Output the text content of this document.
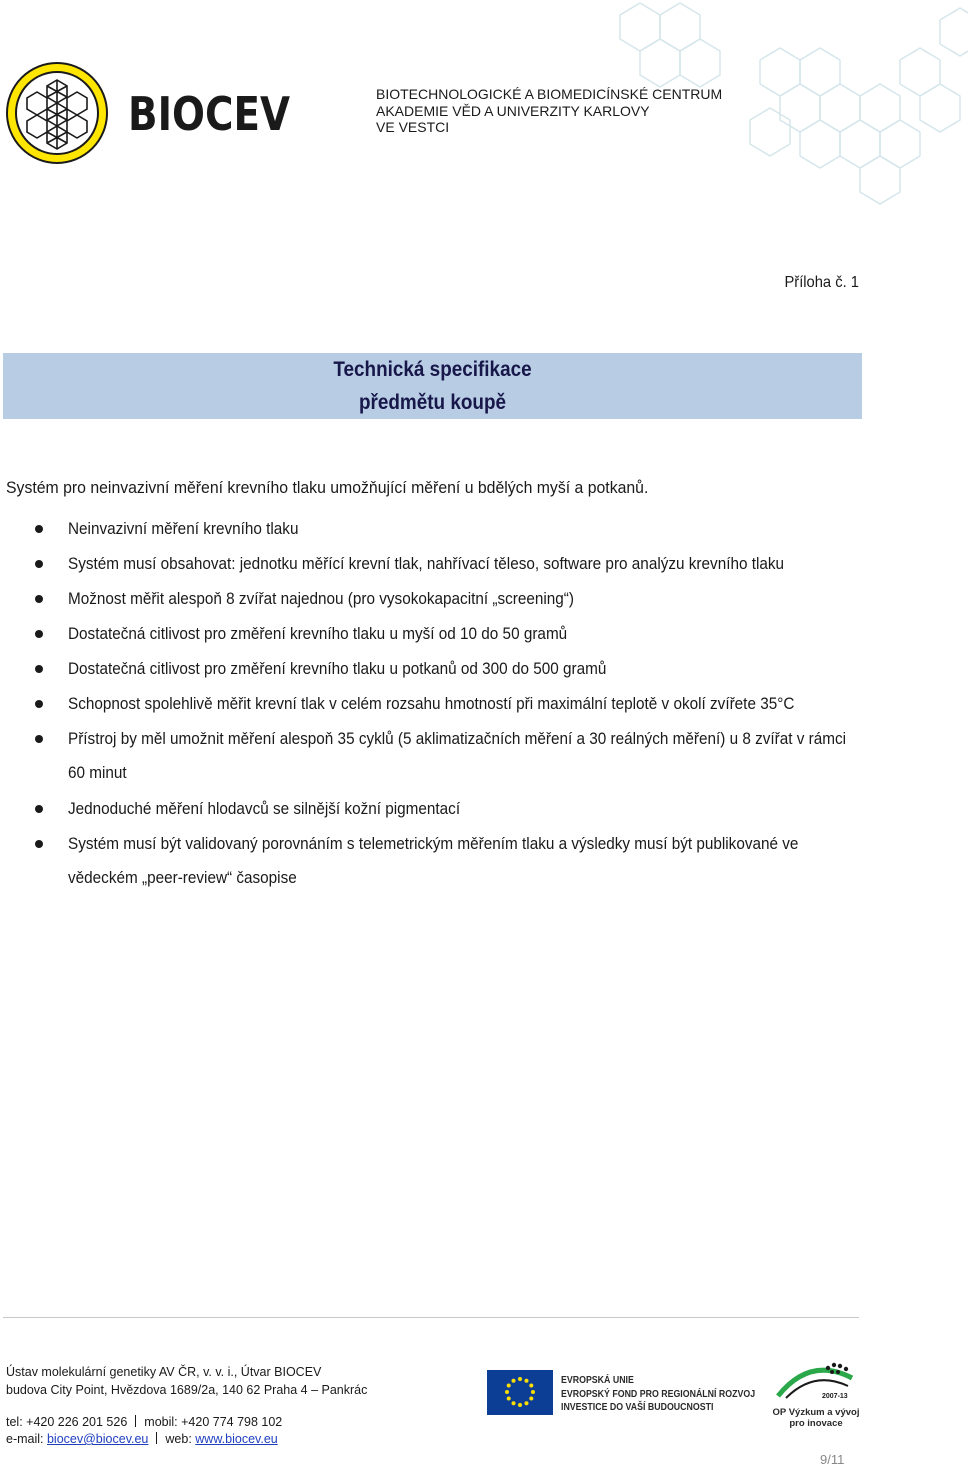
BIOCEV	BIOTECHNOLOGICKÉ A BIOMEDICÍNSKÉ CENTRUM
AKADEMIE VĚD A UNIVERZITY KARLOVY
VE VESTCI
Příloha č. 1
Technická specifikace
předmětu koupě
Systém pro neinvazivní měření krevního tlaku umožňující měření u bdělých myší a potkanů.
Neinvazivní měření krevního tlaku
Systém musí obsahovat: jednotku měřící krevní tlak, nahřívací těleso, software pro analýzu krevního tlaku
Možnost měřit alespoň 8 zvířat najednou (pro vysokokapacitní „screening“)
Dostatečná citlivost pro změření krevního tlaku u myší od 10 do 50 gramů
Dostatečná citlivost pro změření krevního tlaku u potkanů od 300 do 500 gramů
Schopnost spolehlivě měřit krevní tlak v celém rozsahu hmotností při maximální teplotě v okolí zvířete 35°C
Přístroj by měl umožnit měření alespoň 35 cyklů (5 aklimatizačních měření a 30 reálných měření) u 8 zvířat v rámci 60 minut
Jednoduché měření hlodavců se silnější kožní pigmentací
Systém musí být validovaný porovnáním s telemetrickým měřením tlaku a výsledky musí být publikované ve vědeckém „peer-review“ časopise
Ústav molekulární genetiky AV ČR, v. v. i., Útvar BIOCEV
budova City Point, Hvězdova 1689/2a, 140 62 Praha 4 – Pankrác
tel: +420 226 201 526 mobil: +420 774 798 102
e-mail: biocev@biocev.eu web: www.biocev.eu
EVROPSKÁ UNIE
EVROPSKÝ FOND PRO REGIONÁLNÍ ROZVOJ
INVESTICE DO VAŠÍ BUDOUCNOSTI
2007-13
OP Výzkum a vývoj
pro inovace
9/11
